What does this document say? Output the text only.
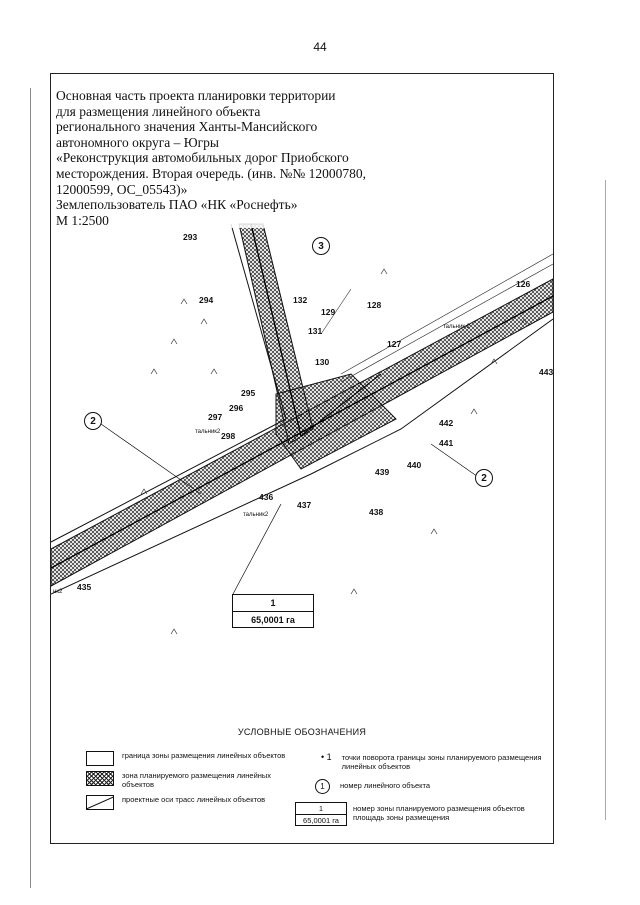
44
Основная часть проекта планировки территории
для размещения линейного объекта
регионального значения Ханты-Мансийского
автономного округа – Югры
«Реконструкция автомобильных дорог Приобского
месторождения. Вторая очередь. (инв. №№ 12000780,
12000599, ОС_05543)»
Землепользователь ПАО «НК «Роснефть»
М 1:2500
294
295
296
297
298
132
129
128
131
130
127
126
443
442
441
440
439
438
437
436
435
293
тальник2
тальник 2
тальник2
нк2
3
2
2
1
65,0001 га
УСЛОВНЫЕ ОБОЗНАЧЕНИЯ
граница зоны размещения линейных объектов
зона планируемого размещения линейных объектов
проектные оси трасс линейных объектов
• 1 точки поворота границы зоны планируемого размещения линейных объектов
1	номер линейного объекта
1
65,0001 га
номер зоны планируемого размещения объектов
площадь зоны размещения
